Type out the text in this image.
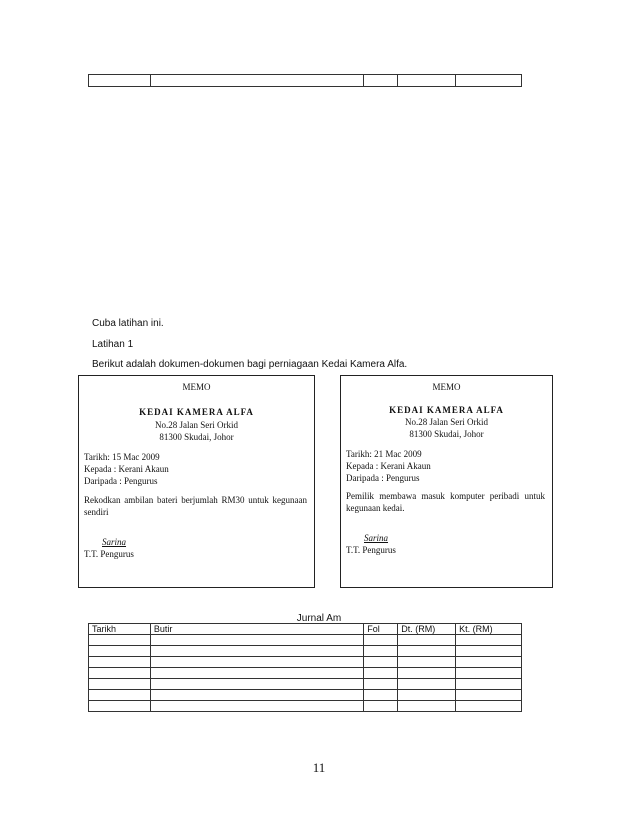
Cuba latihan ini.
Latihan 1
Berikut adalah dokumen-dokumen bagi perniagaan Kedai Kamera Alfa.
MEMO
KEDAI KAMERA ALFA
No.28 Jalan Seri Orkid
81300 Skudai, Johor
Tarikh: 15 Mac 2009
Kepada : Kerani Akaun
Daripada : Pengurus
Rekodkan ambilan bateri berjumlah RM30 untuk kegunaan sendiri
Sarina
T.T. Pengurus
MEMO
KEDAI KAMERA ALFA
No.28 Jalan Seri Orkid
81300 Skudai, Johor
Tarikh: 21 Mac 2009
Kepada : Kerani Akaun
Daripada : Pengurus
Pemilik membawa masuk komputer peribadi untuk kegunaan kedai.
Sarina
T.T. Pengurus
Jurnal Am
Tarikh	Butir	Fol	Dt. (RM)	Kt. (RM)

11
